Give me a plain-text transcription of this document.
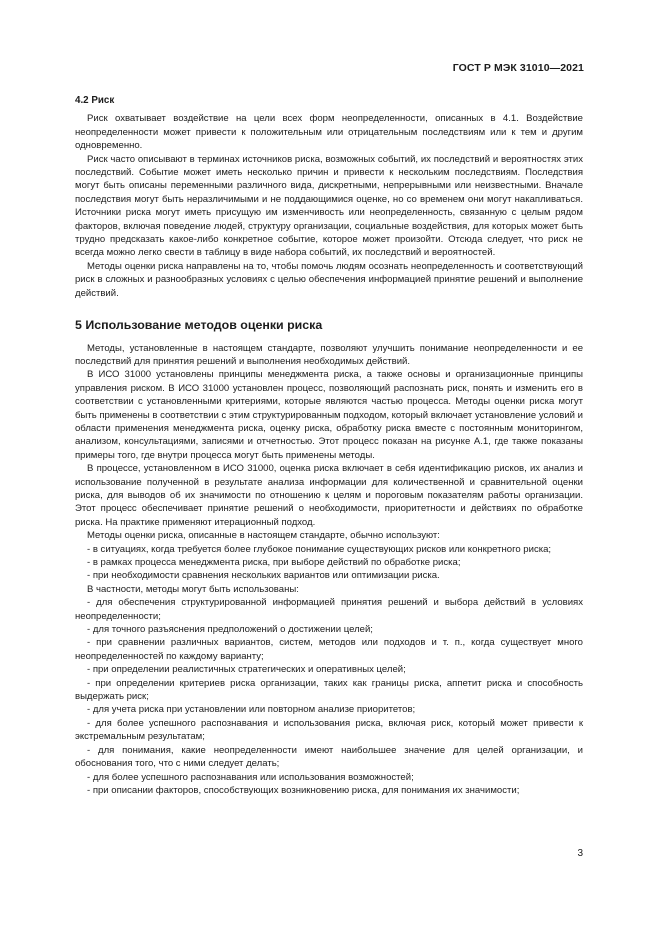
ГОСТ Р МЭК 31010—2021
4.2 Риск

Риск охватывает воздействие на цели всех форм неопределенности, описанных в 4.1. Воздействие неопределенности может привести к положительным или отрицательным последствиям или к тем и другим одновременно.

Риск часто описывают в терминах источников риска, возможных событий, их последствий и вероятностях этих последствий. Событие может иметь несколько причин и привести к нескольким последствиям. Последствия могут быть описаны переменными различного вида, дискретными, непрерывными или неизвестными. Вначале последствия могут быть неразличимыми и не поддающимися оценке, но со временем они могут накапливаться. Источники риска могут иметь присущую им изменчивость или неопределенность, связанную с целым рядом факторов, включая поведение людей, структуру организации, социальные воздействия, для которых может быть трудно предсказать какое-либо конкретное событие, которое может произойти. Отсюда следует, что риск не всегда можно легко свести в таблицу в виде набора событий, их последствий и вероятностей.

Методы оценки риска направлены на то, чтобы помочь людям осознать неопределенность и соответствующий риск в сложных и разнообразных условиях с целью обеспечения информацией принятие решений и выполнение действий.

5 Использование методов оценки риска

Методы, установленные в настоящем стандарте, позволяют улучшить понимание неопределенности и ее последствий для принятия решений и выполнения необходимых действий.

В ИСО 31000 установлены принципы менеджмента риска, а также основы и организационные принципы управления риском. В ИСО 31000 установлен процесс, позволяющий распознать риск, понять и изменить его в соответствии с установленными критериями, которые являются частью процесса. Методы оценки риска могут быть применены в соответствии с этим структурированным подходом, который включает установление условий и области применения менеджмента риска, оценку риска, обработку риска вместе с постоянным мониторингом, анализом, консультациями, записями и отчетностью. Этот процесс показан на рисунке А.1, где также показаны примеры того, где внутри процесса могут быть применены методы.

В процессе, установленном в ИСО 31000, оценка риска включает в себя идентификацию рисков, их анализ и использование полученной в результате анализа информации для количественной и сравнительной оценки риска, для выводов об их значимости по отношению к целям и пороговым показателям работы организации. Этот процесс обеспечивает принятие решений о необходимости, приоритетности и действиях по обработке риска. На практике применяют итерационный подход.

Методы оценки риска, описанные в настоящем стандарте, обычно используют:

- в ситуациях, когда требуется более глубокое понимание существующих рисков или конкретного риска;

- в рамках процесса менеджмента риска, при выборе действий по обработке риска;

- при необходимости сравнения нескольких вариантов или оптимизации риска.

В частности, методы могут быть использованы:

- для обеспечения структурированной информацией принятия решений и выбора действий в условиях неопределенности;

- для точного разъяснения предположений о достижении целей;

- при сравнении различных вариантов, систем, методов или подходов и т. п., когда существует много неопределенностей по каждому варианту;

- при определении реалистичных стратегических и оперативных целей;

- при определении критериев риска организации, таких как границы риска, аппетит риска и способность выдержать риск;

- для учета риска при установлении или повторном анализе приоритетов;

- для более успешного распознавания и использования риска, включая риск, который может привести к экстремальным результатам;

- для понимания, какие неопределенности имеют наибольшее значение для целей организации, и обоснования того, что с ними следует делать;

- для более успешного распознавания или использования возможностей;

- при описании факторов, способствующих возникновению риска, для понимания их значимости;

3
